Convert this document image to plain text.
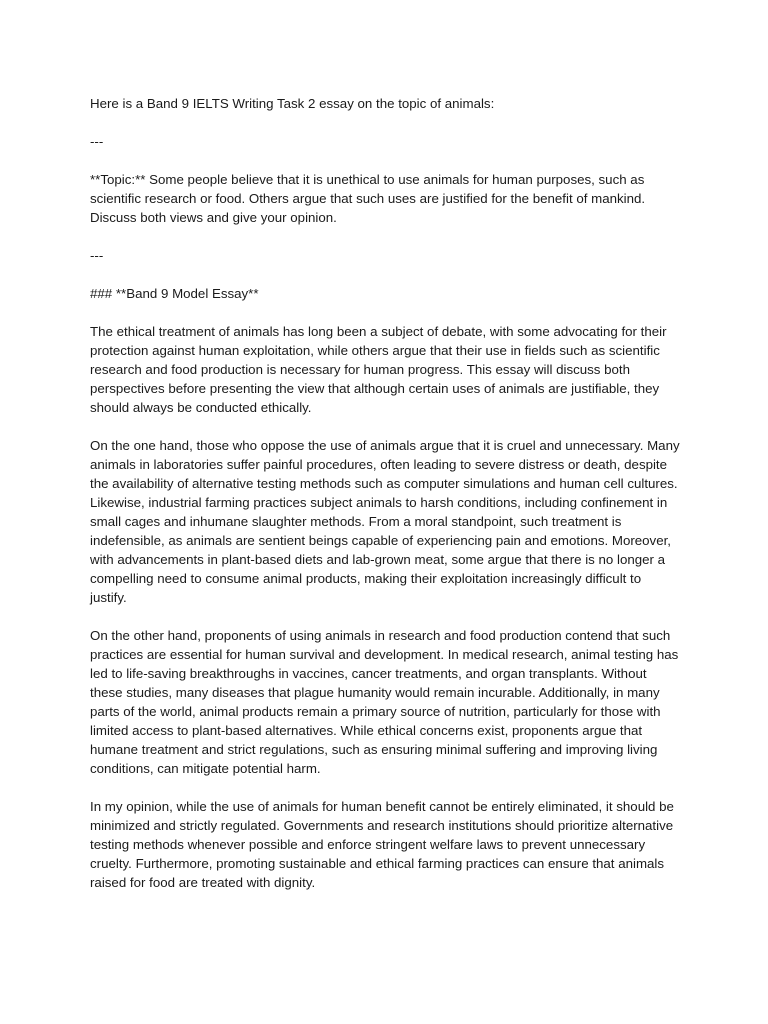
Here is a Band 9 IELTS Writing Task 2 essay on the topic of animals:

---

**Topic:** Some people believe that it is unethical to use animals for human purposes, such as scientific research or food. Others argue that such uses are justified for the benefit of mankind. Discuss both views and give your opinion.

---

### **Band 9 Model Essay**

The ethical treatment of animals has long been a subject of debate, with some advocating for their protection against human exploitation, while others argue that their use in fields such as scientific research and food production is necessary for human progress. This essay will discuss both perspectives before presenting the view that although certain uses of animals are justifiable, they should always be conducted ethically.

On the one hand, those who oppose the use of animals argue that it is cruel and unnecessary. Many animals in laboratories suffer painful procedures, often leading to severe distress or death, despite the availability of alternative testing methods such as computer simulations and human cell cultures. Likewise, industrial farming practices subject animals to harsh conditions, including confinement in small cages and inhumane slaughter methods. From a moral standpoint, such treatment is indefensible, as animals are sentient beings capable of experiencing pain and emotions. Moreover, with advancements in plant-based diets and lab-grown meat, some argue that there is no longer a compelling need to consume animal products, making their exploitation increasingly difficult to justify.

On the other hand, proponents of using animals in research and food production contend that such practices are essential for human survival and development. In medical research, animal testing has led to life-saving breakthroughs in vaccines, cancer treatments, and organ transplants. Without these studies, many diseases that plague humanity would remain incurable. Additionally, in many parts of the world, animal products remain a primary source of nutrition, particularly for those with limited access to plant-based alternatives. While ethical concerns exist, proponents argue that humane treatment and strict regulations, such as ensuring minimal suffering and improving living conditions, can mitigate potential harm.

In my opinion, while the use of animals for human benefit cannot be entirely eliminated, it should be minimized and strictly regulated. Governments and research institutions should prioritize alternative testing methods whenever possible and enforce stringent welfare laws to prevent unnecessary cruelty. Furthermore, promoting sustainable and ethical farming practices can ensure that animals raised for food are treated with dignity.
